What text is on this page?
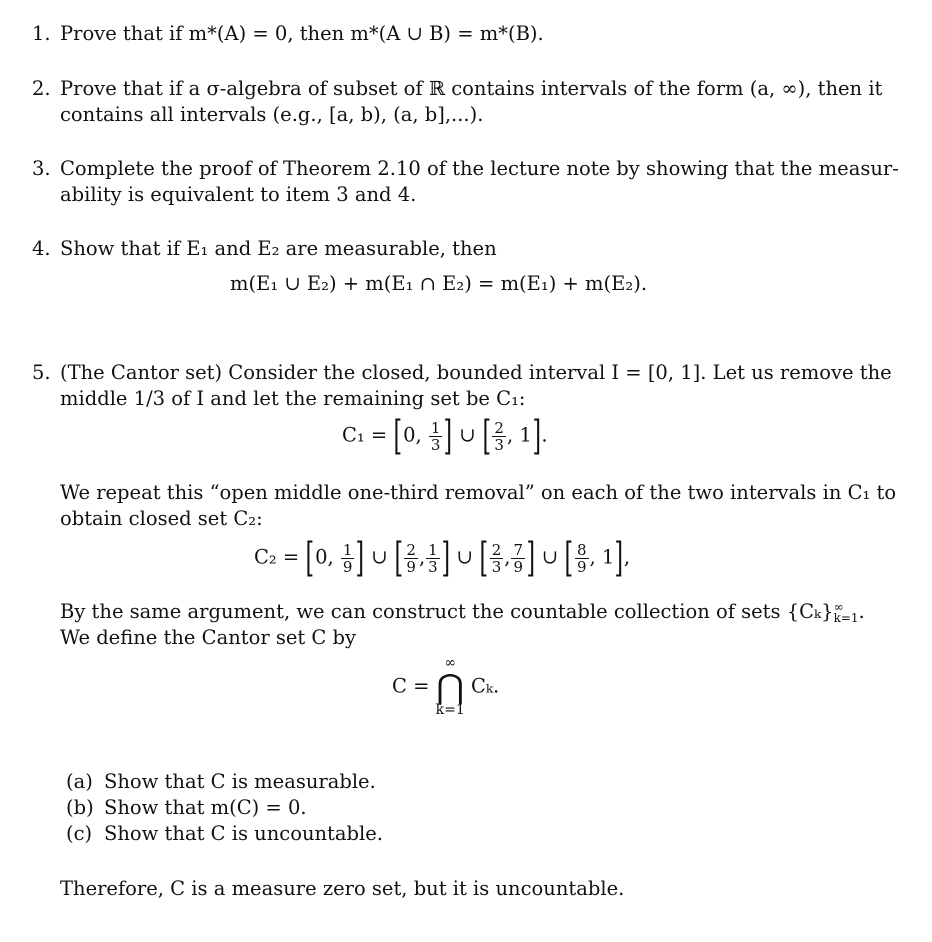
1. Prove that if m*(A) = 0, then m*(A ∪ B) = m*(B).
2. Prove that if a σ-algebra of subset of ℝ contains intervals of the form (a, ∞), then it
contains all intervals (e.g., [a, b), (a, b],...).
3. Complete the proof of Theorem 2.10 of the lecture note by showing that the measur-
ability is equivalent to item 3 and 4.
4. Show that if E₁ and E₂ are measurable, then
m(E₁ ∪ E₂) + m(E₁ ∩ E₂) = m(E₁) + m(E₂).
5. (The Cantor set) Consider the closed, bounded interval I = [0, 1]. Let us remove the
middle 1/3 of I and let the remaining set be C₁:
C₁ = [0, $\frac{1}{3}$ ] ∪ [ $\frac{2}{3}$ , 1].
We repeat this “open middle one-third removal” on each of the two intervals in C₁ to
obtain closed set C₂:
C₂ = [0, $\frac{1}{9}$ ] ∪ [ $\frac{2}{9}$ , $\frac{1}{3}$ ] ∪ [ $\frac{2}{3}$ , $\frac{7}{9}$ ] ∪ [ $\frac{8}{9}$ , 1],
By the same argument, we can construct the countable collection of sets {Cₖ} ∞
k=1 .
We define the Cantor set C by
C = ∞
⋂
k=1 Cₖ.
(a) Show that C is measurable.
(b) Show that m(C) = 0.
(c) Show that C is uncountable.
Therefore, C is a measure zero set, but it is uncountable.
